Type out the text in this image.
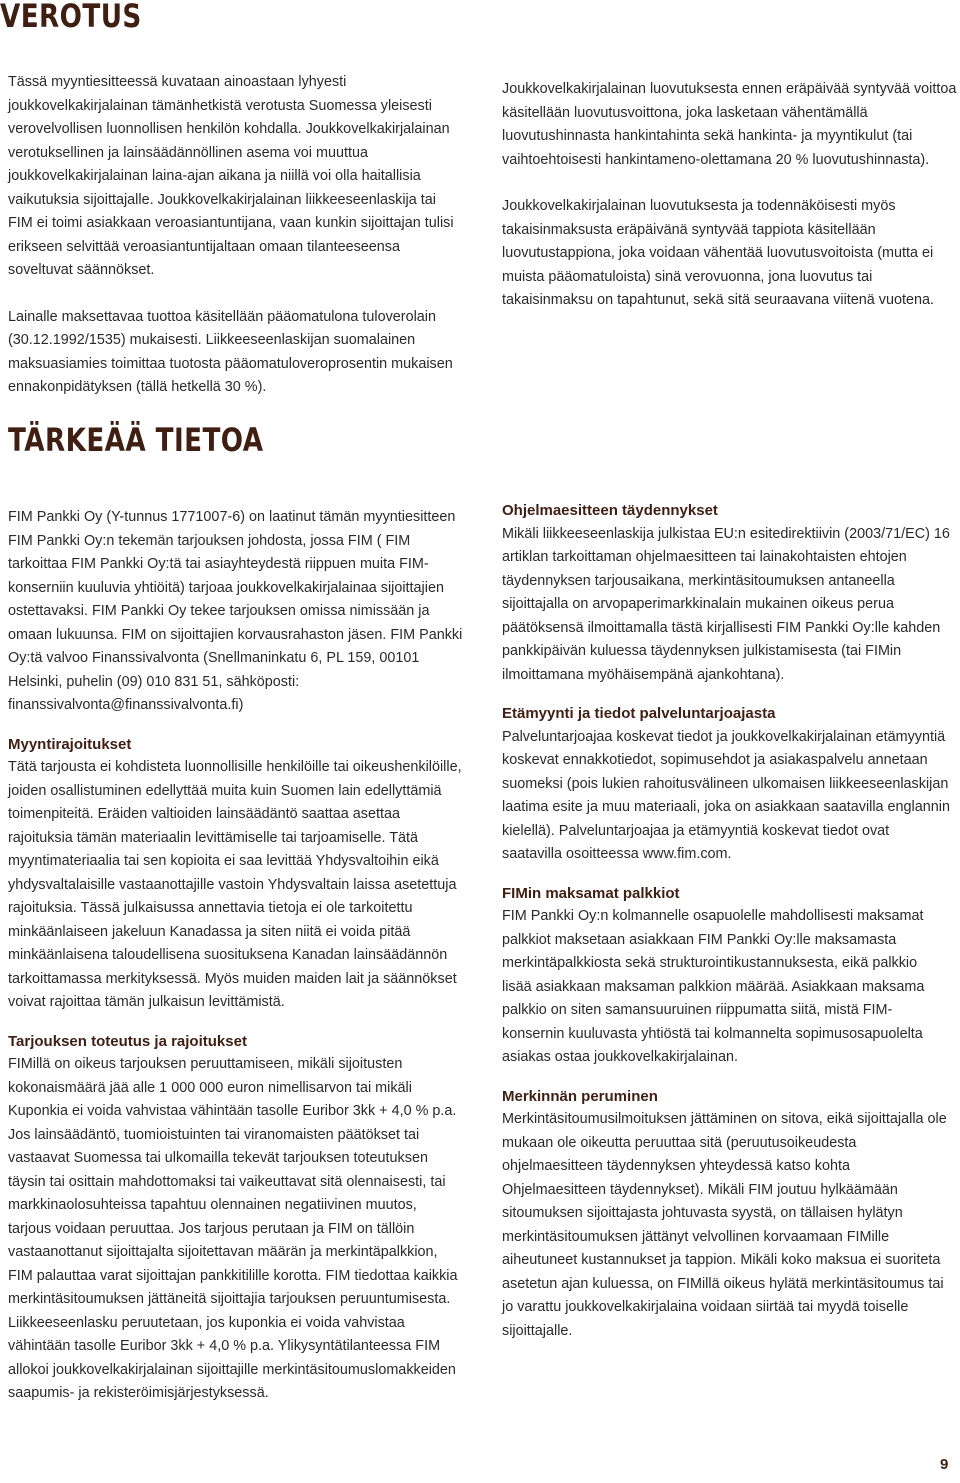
VEROTUS

Tässä myyntiesitteessä kuvataan ainoastaan lyhyesti joukkovelkakirjalainan tämänhetkistä verotusta Suomessa yleisesti verovelvollisen luonnollisen henkilön kohdalla. Joukkovelkakirjalainan verotuksellinen ja lainsäädännöllinen asema voi muuttua joukkovelkakirjalainan laina-ajan aikana ja niillä voi olla haitallisia vaikutuksia sijoittajalle. Joukkovelkakirjalainan liikkeeseenlaskija tai FIM ei toimi asiakkaan veroasiantuntijana, vaan kunkin sijoittajan tulisi erikseen selvittää veroasiantuntijaltaan omaan tilanteeseensa soveltuvat säännökset.

Lainalle maksettavaa tuottoa käsitellään pääomatulona tuloverolain (30.12.1992/1535) mukaisesti. Liikkeeseenlaskijan suomalainen maksuasiamies toimittaa tuotosta pääomatuloveroprosentin mukaisen ennakonpidätyksen (tällä hetkellä 30 %).

Joukkovelkakirjalainan luovutuksesta ennen eräpäivää syntyvää voittoa käsitellään luovutusvoittona, joka lasketaan vähentämällä luovutushinnasta hankintahinta sekä hankinta- ja myyntikulut (tai vaihtoehtoisesti hankintameno-olettamana 20 % luovutushinnasta).

Joukkovelkakirjalainan luovutuksesta ja todennäköisesti myös takaisinmaksusta eräpäivänä syntyvää tappiota käsitellään luovutustappiona, joka voidaan vähentää luovutusvoitoista (mutta ei muista pääomatuloista) sinä verovuonna, jona luovutus tai takaisinmaksu on tapahtunut, sekä sitä seuraavana viitenä vuotena.

TÄRKEÄÄ TIETOA

FIM Pankki Oy (Y-tunnus 1771007-6) on laatinut tämän myyntiesitteen FIM Pankki Oy:n tekemän tarjouksen johdosta, jossa FIM ( FIM tarkoittaa FIM Pankki Oy:tä tai asiayhteydestä riippuen muita FIM-konserniin kuuluvia yhtiöitä) tarjoaa joukkovelkakirjalainaa sijoittajien ostettavaksi. FIM Pankki Oy tekee tarjouksen omissa nimissään ja omaan lukuunsa. FIM on sijoittajien korvausrahaston jäsen. FIM Pankki Oy:tä valvoo Finanssivalvonta (Snellmaninkatu 6, PL 159, 00101 Helsinki, puhelin (09) 010 831 51, sähköposti: finanssivalvonta@finanssivalvonta.fi)

Myyntirajoitukset

Tätä tarjousta ei kohdisteta luonnollisille henkilöille tai oikeushenkilöille, joiden osallistuminen edellyttää muita kuin Suomen lain edellyttämiä toimenpiteitä. Eräiden valtioiden lainsäädäntö saattaa asettaa rajoituksia tämän materiaalin levittämiselle tai tarjoamiselle. Tätä myyntimateriaalia tai sen kopioita ei saa levittää Yhdysvaltoihin eikä yhdysvaltalaisille vastaanottajille vastoin Yhdysvaltain laissa asetettuja rajoituksia. Tässä julkaisussa annettavia tietoja ei ole tarkoitettu minkäänlaiseen jakeluun Kanadassa ja siten niitä ei voida pitää minkäänlaisena taloudellisena suosituksena Kanadan lainsäädännön tarkoittamassa merkityksessä. Myös muiden maiden lait ja säännökset voivat rajoittaa tämän julkaisun levittämistä.

Tarjouksen toteutus ja rajoitukset

FIMillä on oikeus tarjouksen peruuttamiseen, mikäli sijoitusten kokonaismäärä jää alle 1 000 000 euron nimellisarvon tai mikäli Kuponkia ei voida vahvistaa vähintään tasolle Euribor 3kk + 4,0 % p.a. Jos lainsäädäntö, tuomioistuinten tai viranomaisten päätökset tai vastaavat Suomessa tai ulkomailla tekevät tarjouksen toteutuksen täysin tai osittain mahdottomaksi tai vaikeuttavat sitä olennaisesti, tai markkinaolosuhteissa tapahtuu olennainen negatiivinen muutos, tarjous voidaan peruuttaa. Jos tarjous perutaan ja FIM on tällöin vastaanottanut sijoittajalta sijoitettavan määrän ja merkintäpalkkion, FIM palauttaa varat sijoittajan pankkitilille korotta. FIM tiedottaa kaikkia merkintäsitoumuksen jättäneitä sijoittajia tarjouksen peruuntumisesta. Liikkeeseenlasku peruutetaan, jos kuponkia ei voida vahvistaa vähintään tasolle Euribor 3kk + 4,0 % p.a. Ylikysyntätilanteessa FIM allokoi joukkovelkakirjalainan sijoittajille merkintäsitoumuslomakkeiden saapumis- ja rekisteröimisjärjestyksessä.

Ohjelmaesitteen täydennykset

Mikäli liikkeeseenlaskija julkistaa EU:n esitedirektiivin (2003/71/EC) 16 artiklan tarkoittaman ohjelmaesitteen tai lainakohtaisten ehtojen täydennyksen tarjousaikana, merkintäsitoumuksen antaneella sijoittajalla on arvopaperimarkkinalain mukainen oikeus perua päätöksensä ilmoittamalla tästä kirjallisesti FIM Pankki Oy:lle kahden pankkipäivän kuluessa täydennyksen julkistamisesta (tai FIMin ilmoittamana myöhäisempänä ajankohtana).

Etämyynti ja tiedot palveluntarjoajasta

Palveluntarjoajaa koskevat tiedot ja joukkovelkakirjalainan etämyyntiä koskevat ennakkotiedot, sopimusehdot ja asiakaspalvelu annetaan suomeksi (pois lukien rahoitusvälineen ulkomaisen liikkeeseenlaskijan laatima esite ja muu materiaali, joka on asiakkaan saatavilla englannin kielellä). Palveluntarjoajaa ja etämyyntiä koskevat tiedot ovat saatavilla osoitteessa www.fim.com.

FIMin maksamat palkkiot

FIM Pankki Oy:n kolmannelle osapuolelle mahdollisesti maksamat palkkiot maksetaan asiakkaan FIM Pankki Oy:lle maksamasta merkintäpalkkiosta sekä strukturointikustannuksesta, eikä palkkio lisää asiakkaan maksaman palkkion määrää. Asiakkaan maksama palkkio on siten samansuuruinen riippumatta siitä, mistä FIM-konsernin kuuluvasta yhtiöstä tai kolmannelta sopimusosapuolelta asiakas ostaa joukkovelkakirjalainan.

Merkinnän peruminen

Merkintäsitoumusilmoituksen jättäminen on sitova, eikä sijoittajalla ole mukaan ole oikeutta peruuttaa sitä (peruutusoikeudesta ohjelmaesitteen täydennyksen yhteydessä katso kohta Ohjelmaesitteen täydennykset). Mikäli FIM joutuu hylkäämään sitoumuksen sijoittajasta johtuvasta syystä, on tällaisen hylätyn merkintäsitoumuksen jättänyt velvollinen korvaamaan FIMille aiheutuneet kustannukset ja tappion. Mikäli koko maksua ei suoriteta asetetun ajan kuluessa, on FIMillä oikeus hylätä merkintäsitoumus tai jo varattu joukkovelkakirjalaina voidaan siirtää tai myydä toiselle sijoittajalle.

9
